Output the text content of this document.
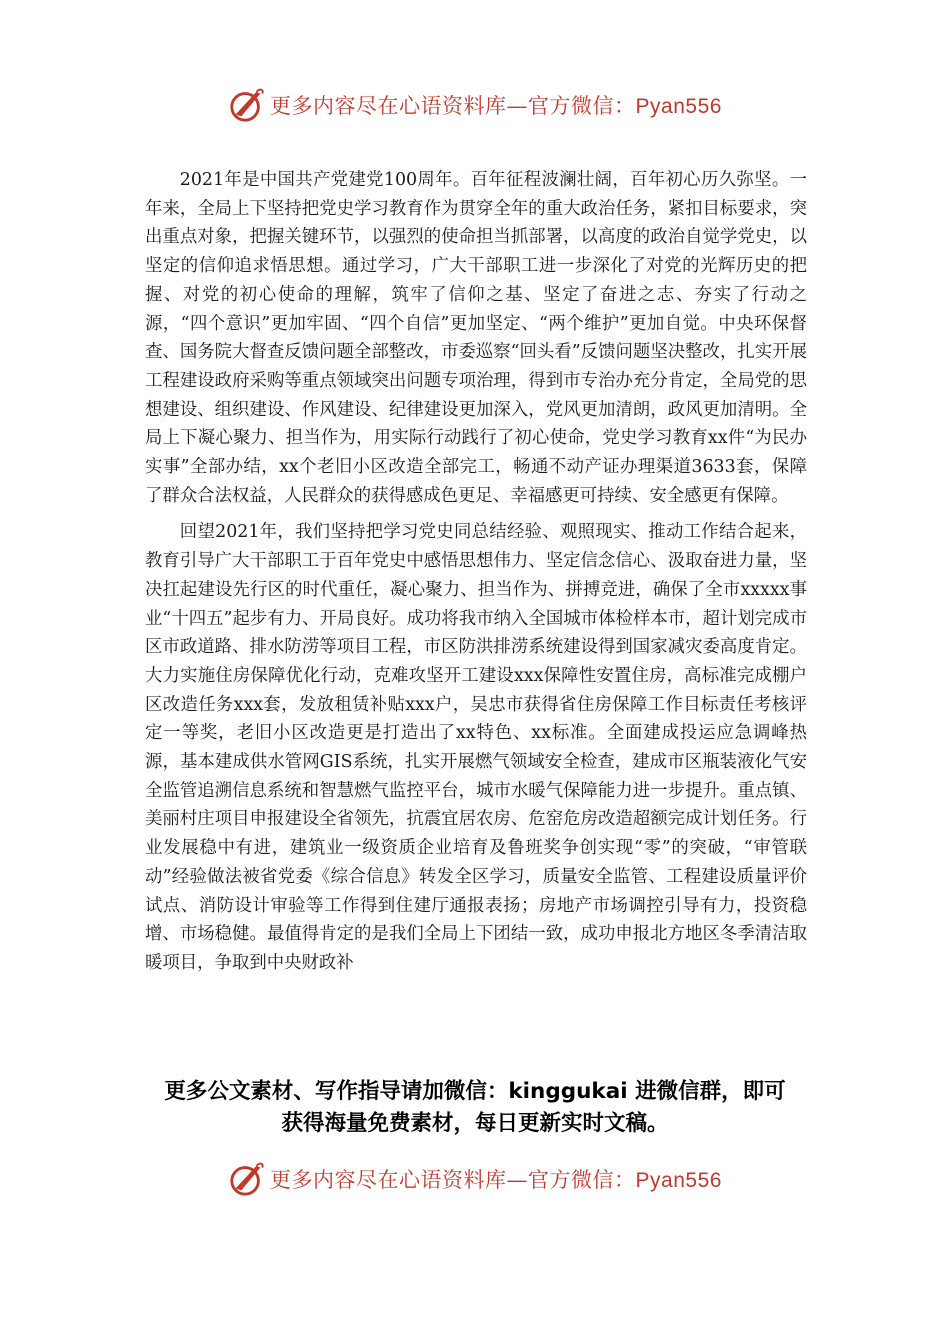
更多内容尽在心语资料库—官方微信：Pyan556

2021年是中国共产党建党100周年。百年征程波澜壮阔，百年初心历久弥坚。一年来，全局上下坚持把党史学习教育作为贯穿全年的重大政治任务，紧扣目标要求，突出重点对象，把握关键环节，以强烈的使命担当抓部署，以高度的政治自觉学党史，以坚定的信仰追求悟思想。通过学习，广大干部职工进一步深化了对党的光辉历史的把握、对党的初心使命的理解，筑牢了信仰之基、坚定了奋进之志、夯实了行动之源，“四个意识”更加牢固、“四个自信”更加坚定、“两个维护”更加自觉。中央环保督查、国务院大督查反馈问题全部整改，市委巡察“回头看”反馈问题坚决整改，扎实开展工程建设政府采购等重点领域突出问题专项治理，得到市专治办充分肯定，全局党的思想建设、组织建设、作风建设、纪律建设更加深入，党风更加清朗，政风更加清明。全局上下凝心聚力、担当作为，用实际行动践行了初心使命，党史学习教育xx件“为民办实事”全部办结，xx个老旧小区改造全部完工，畅通不动产证办理渠道3633套，保障了群众合法权益，人民群众的获得感成色更足、幸福感更可持续、安全感更有保障。

回望2021年，我们坚持把学习党史同总结经验、观照现实、推动工作结合起来，教育引导广大干部职工于百年党史中感悟思想伟力、坚定信念信心、汲取奋进力量，坚决扛起建设先行区的时代重任，凝心聚力、担当作为、拼搏竞进，确保了全市xxxxx事业“十四五”起步有力、开局良好。成功将我市纳入全国城市体检样本市，超计划完成市区市政道路、排水防涝等项目工程，市区防洪排涝系统建设得到国家减灾委高度肯定。大力实施住房保障优化行动，克难攻坚开工建设xxx保障性安置住房，高标准完成棚户区改造任务xxx套，发放租赁补贴xxx户，吴忠市获得省住房保障工作目标责任考核评定一等奖，老旧小区改造更是打造出了xx特色、xx标准。全面建成投运应急调峰热源，基本建成供水管网GIS系统，扎实开展燃气领域安全检查，建成市区瓶装液化气安全监管追溯信息系统和智慧燃气监控平台，城市水暖气保障能力进一步提升。重点镇、美丽村庄项目申报建设全省领先，抗震宜居农房、危窑危房改造超额完成计划任务。行业发展稳中有进，建筑业一级资质企业培育及鲁班奖争创实现“零”的突破，“审管联动”经验做法被省党委《综合信息》转发全区学习，质量安全监管、工程建设质量评价试点、消防设计审验等工作得到住建厅通报表扬；房地产市场调控引导有力，投资稳增、市场稳健。最值得肯定的是我们全局上下团结一致，成功申报北方地区冬季清洁取暖项目，争取到中央财政补

更多公文素材、写作指导请加微信：kinggukai 进微信群，即可
获得海量免费素材，每日更新实时文稿。
更多内容尽在心语资料库—官方微信：Pyan556
